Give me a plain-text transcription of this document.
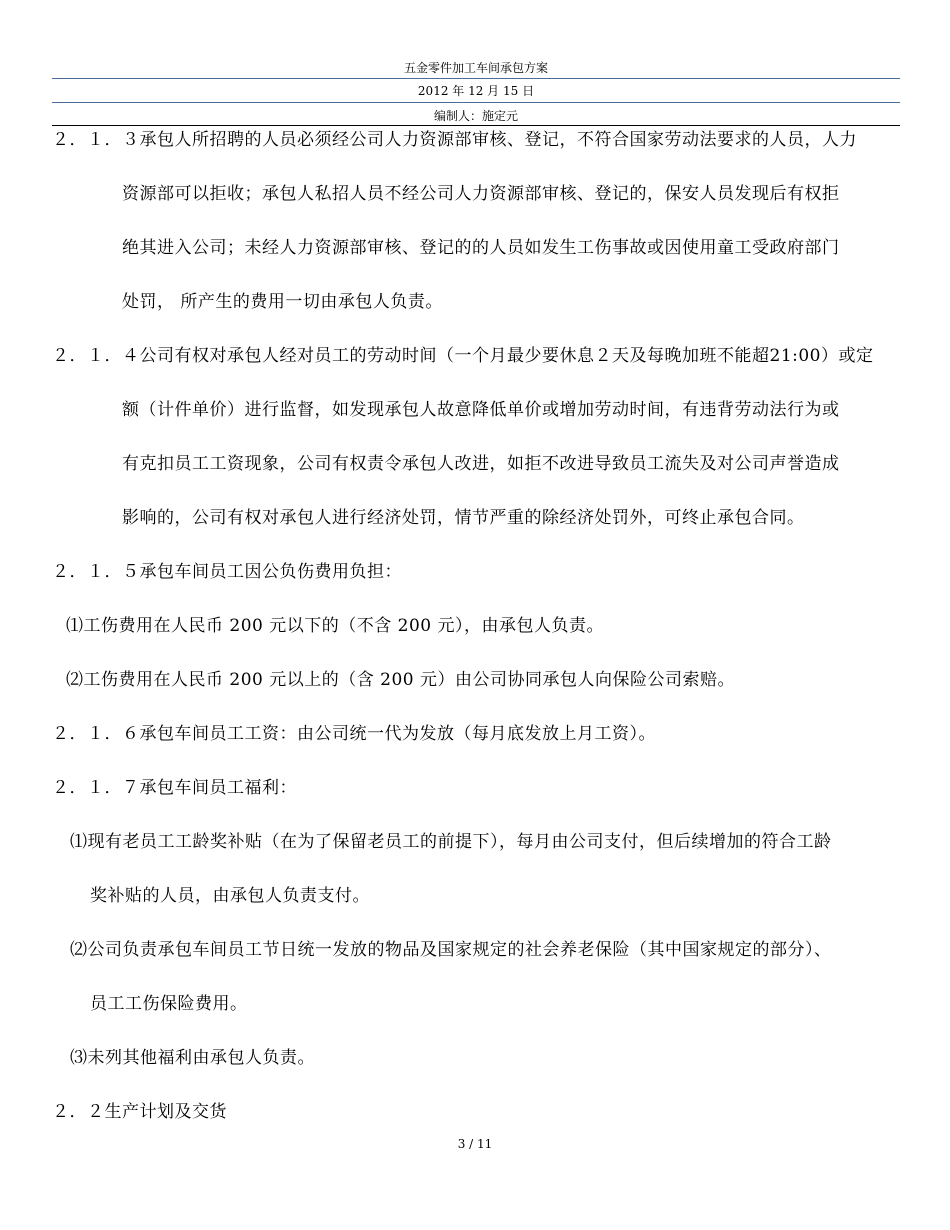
五金零件加工车间承包方案
2012 年 12 月 15 日
编制人：施定元
２．１．３承包人所招聘的人员必须经公司人力资源部审核、登记，不符合国家劳动法要求的人员，人力
资源部可以拒收；承包人私招人员不经公司人力资源部审核、登记的，保安人员发现后有权拒
绝其进入公司；未经人力资源部审核、登记的的人员如发生工伤事故或因使用童工受政府部门
处罚， 所产生的费用一切由承包人负责。
２．１．４公司有权对承包人经对员工的劳动时间（一个月最少要休息２天及每晚加班不能超21:00）或定
额（计件单价）进行监督，如发现承包人故意降低单价或增加劳动时间，有违背劳动法行为或
有克扣员工工资现象，公司有权责令承包人改进，如拒不改进导致员工流失及对公司声誉造成
影响的，公司有权对承包人进行经济处罚，情节严重的除经济处罚外，可终止承包合同。
２．１．５承包车间员工因公负伤费用负担：
⑴工伤费用在人民币 200 元以下的（不含 200 元），由承包人负责。
⑵工伤费用在人民币 200 元以上的（含 200 元）由公司协同承包人向保险公司索赔。
２．１．６承包车间员工工资：由公司统一代为发放（每月底发放上月工资）。
２．１．７承包车间员工福利：
⑴现有老员工工龄奖补贴（在为了保留老员工的前提下），每月由公司支付，但后续增加的符合工龄
奖补贴的人员，由承包人负责支付。
⑵公司负责承包车间员工节日统一发放的物品及国家规定的社会养老保险（其中国家规定的部分）、
员工工伤保险费用。
⑶未列其他福利由承包人负责。
２．２生产计划及交货
3 / 11
